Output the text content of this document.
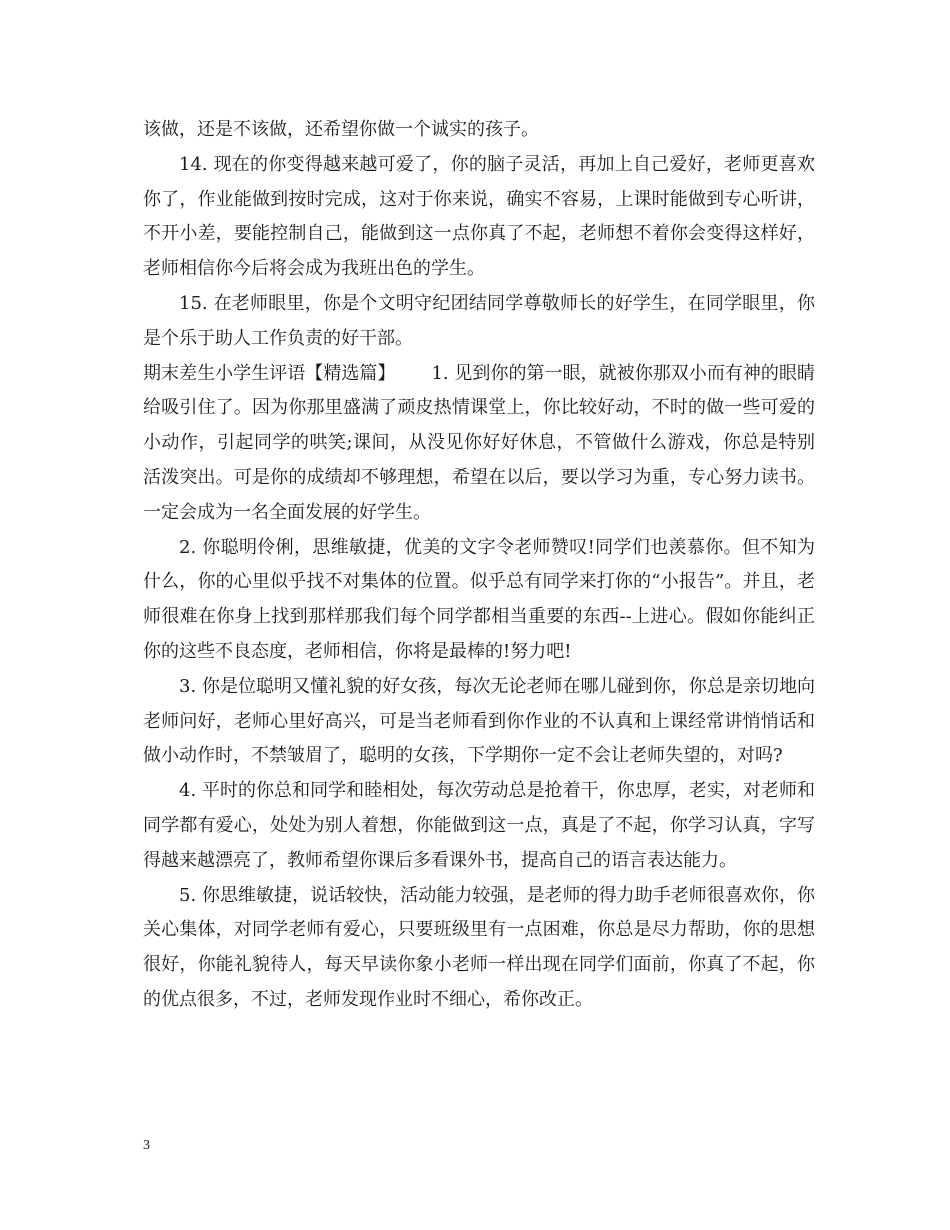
该做，还是不该做，还希望你做一个诚实的孩子。

14. 现在的你变得越来越可爱了，你的脑子灵活，再加上自己爱好，老师更喜欢你了，作业能做到按时完成，这对于你来说，确实不容易，上课时能做到专心听讲，不开小差，要能控制自己，能做到这一点你真了不起，老师想不着你会变得这样好，老师相信你今后将会成为我班出色的学生。

15. 在老师眼里，你是个文明守纪团结同学尊敬师长的好学生，在同学眼里，你是个乐于助人工作负责的好干部。

期末差生小学生评语【精选篇】 1. 见到你的第一眼，就被你那双小而有神的眼睛给吸引住了。因为你那里盛满了顽皮热情课堂上，你比较好动，不时的做一些可爱的小动作，引起同学的哄笑;课间，从没见你好好休息，不管做什么游戏，你总是特别活泼突出。可是你的成绩却不够理想，希望在以后，要以学习为重，专心努力读书。一定会成为一名全面发展的好学生。

2. 你聪明伶俐，思维敏捷，优美的文字令老师赞叹!同学们也羡慕你。但不知为什么，你的心里似乎找不对集体的位置。似乎总有同学来打你的“小报告”。并且，老师很难在你身上找到那样那我们每个同学都相当重要的东西--上进心。假如你能纠正你的这些不良态度，老师相信，你将是最棒的!努力吧!

3. 你是位聪明又懂礼貌的好女孩，每次无论老师在哪儿碰到你，你总是亲切地向老师问好，老师心里好高兴，可是当老师看到你作业的不认真和上课经常讲悄悄话和做小动作时，不禁皱眉了，聪明的女孩，下学期你一定不会让老师失望的，对吗?

4. 平时的你总和同学和睦相处，每次劳动总是抢着干，你忠厚，老实，对老师和同学都有爱心，处处为别人着想，你能做到这一点，真是了不起，你学习认真，字写得越来越漂亮了，教师希望你课后多看课外书，提高自己的语言表达能力。

5. 你思维敏捷，说话较快，活动能力较强，是老师的得力助手老师很喜欢你，你关心集体，对同学老师有爱心，只要班级里有一点困难，你总是尽力帮助，你的思想很好，你能礼貌待人，每天早读你象小老师一样出现在同学们面前，你真了不起，你的优点很多，不过，老师发现作业时不细心，希你改正。

3
